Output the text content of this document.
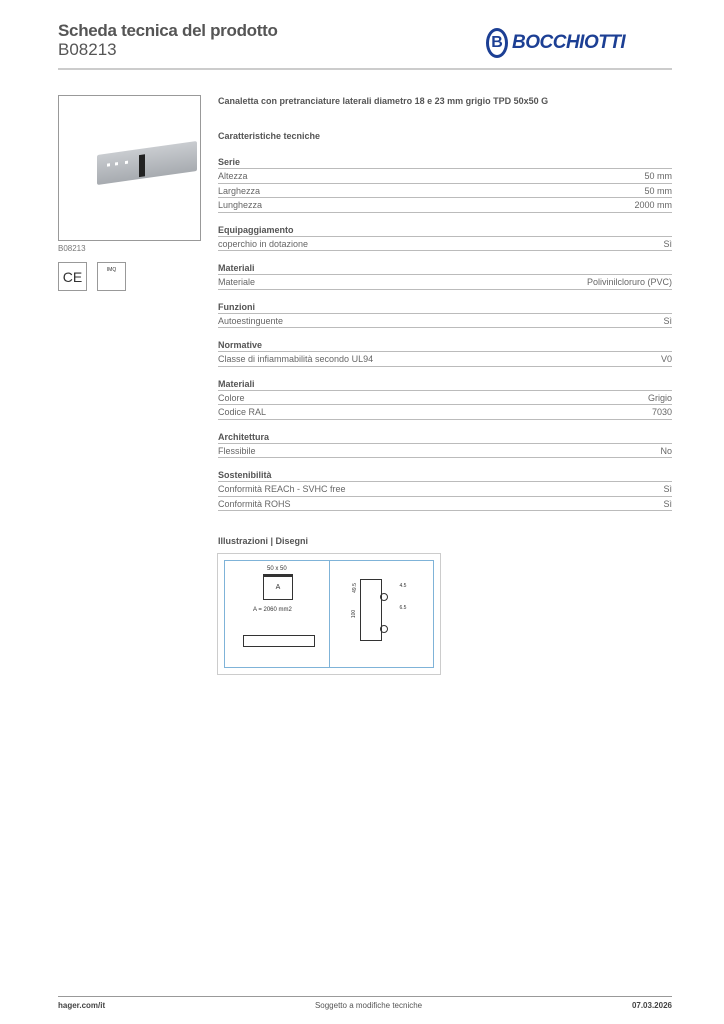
Scheda tecnica del prodotto
B08213	B BOCCHIOTTI
B08213
CE	IMQ
Canaletta con pretranciature laterali diametro 18 e 23 mm grigio TPD 50x50 G
Caratteristiche tecniche
Serie
Altezza	50 mm
Larghezza	50 mm
Lunghezza	2000 mm
Equipaggiamento
coperchio in dotazione	Sì
Materiali
Materiale	Polivinilcloruro (PVC)
Funzioni
Autoestinguente	Sì
Normative
Classe di infiammabilità secondo UL94	V0
Materiali
Colore	Grigio
Codice RAL	7030
Architettura
Flessibile	No
Sostenibilità
Conformità REACh - SVHC free	Sì
Conformità ROHS	Sì
Illustrazioni | Disegni
50 x 50
A
A = 2060 mm2
4.5
6.5
49.5
100
hager.com/it	Soggetto a modifiche tecniche	07.03.2026
